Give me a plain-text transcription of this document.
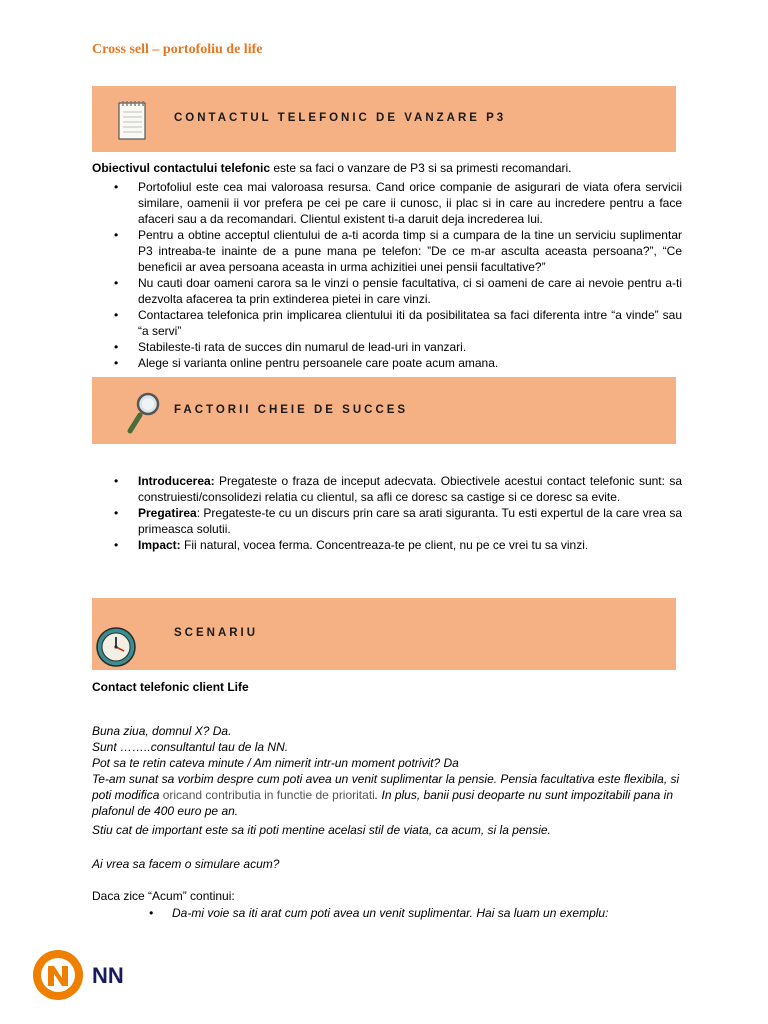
Cross sell – portofoliu de life
CONTACTUL TELEFONIC DE VANZARE P3
Obiectivul contactului telefonic este sa faci o vanzare de P3 si sa primesti recomandari.
• Portofoliul este cea mai valoroasa resursa. Cand orice companie de asigurari de viata ofera servicii similare, oamenii ii vor prefera pe cei pe care ii cunosc, ii plac si in care au incredere pentru a face afaceri sau a da recomandari. Clientul existent ti-a daruit deja increderea lui.
• Pentru a obtine acceptul clientului de a-ti acorda timp si a cumpara de la tine un serviciu suplimentar P3 intreaba-te inainte de a pune mana pe telefon: ”De ce m-ar asculta aceasta persoana?”, “Ce beneficii ar avea persoana aceasta in urma achizitiei unei pensii facultative?”
• Nu cauti doar oameni carora sa le vinzi o pensie facultativa, ci si oameni de care ai nevoie pentru a-ti dezvolta afacerea ta prin extinderea pietei in care vinzi.
• Contactarea telefonica prin implicarea clientului iti da posibilitatea sa faci diferenta intre “a vinde” sau “a servi”
• Stabileste-ti rata de succes din numarul de lead-uri in vanzari.
• Alege si varianta online pentru persoanele care poate acum amana.
FACTORII CHEIE DE SUCCES
• Introducerea: Pregateste o fraza de inceput adecvata. Obiectivele acestui contact telefonic sunt: sa construiesti/consolidezi relatia cu clientul, sa afli ce doresc sa castige si ce doresc sa evite.
• Pregatirea: Pregateste-te cu un discurs prin care sa arati siguranta. Tu esti expertul de la care vrea sa primeasca solutii.
• Impact: Fii natural, vocea ferma. Concentreaza-te pe client, nu pe ce vrei tu sa vinzi.
SCENARIU
Contact telefonic client Life
Buna ziua, domnul X? Da.
Sunt ……..consultantul tau de la NN.
Pot sa te retin cateva minute / Am nimerit intr-un moment potrivit? Da
Te-am sunat sa vorbim despre cum poti avea un venit suplimentar la pensie. Pensia facultativa este flexibila, si poti modifica oricand contributia in functie de prioritati. In plus, banii pusi deoparte nu sunt impozitabili pana in plafonul de 400 euro pe an.
Stiu cat de important este sa iti poti mentine acelasi stil de viata, ca acum, si la pensie.
Ai vrea sa facem o simulare acum?
Daca zice “Acum” continui:
• Da-mi voie sa iti arat cum poti avea un venit suplimentar. Hai sa luam un exemplu:
NN
